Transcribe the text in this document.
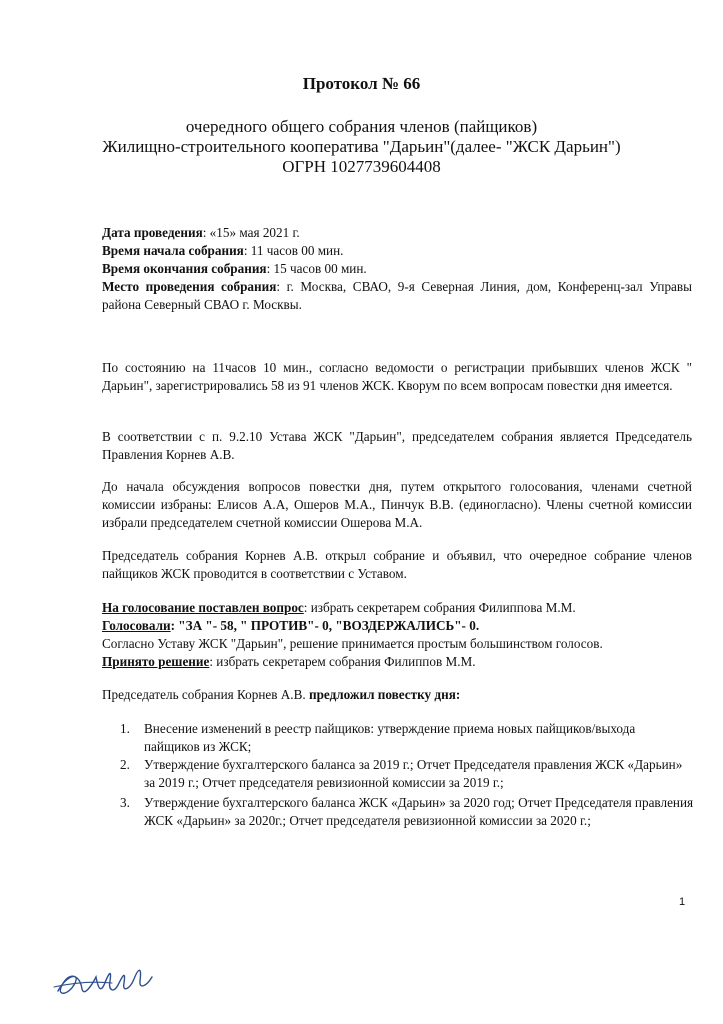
Протокол № 66
очередного общего собрания членов (пайщиков)
Жилищно-строительного кооператива "Дарьин"(далее- "ЖСК Дарьин")
ОГРН 1027739604408
Дата проведения: «15» мая 2021 г.
Время начала собрания: 11 часов 00 мин.
Время окончания собрания: 15 часов 00 мин.
Место проведения собрания: г. Москва, СВАО, 9-я Северная Линия, дом, Конференц-зал Управы района Северный СВАО г. Москвы.
По состоянию на 11часов 10 мин., согласно ведомости о регистрации прибывших членов ЖСК " Дарьин", зарегистрировались 58 из 91 членов ЖСК. Кворум по всем вопросам повестки дня имеется.
В соответствии с п. 9.2.10 Устава ЖСК "Дарьин", председателем собрания является Председатель Правления Корнев А.В.
До начала обсуждения вопросов повестки дня, путем открытого голосования, членами счетной комиссии избраны: Елисов А.А, Ошеров М.А., Пинчук В.В. (единогласно). Члены счетной комиссии избрали председателем счетной комиссии Ошерова М.А.
Председатель собрания Корнев А.В. открыл собрание и объявил, что очередное собрание членов пайщиков ЖСК проводится в соответствии с Уставом.
На голосование поставлен вопрос: избрать секретарем собрания Филиппова М.М.
Голосовали: "ЗА "- 58, " ПРОТИВ"- 0, "ВОЗДЕРЖАЛИСЬ"- 0.
Согласно Уставу ЖСК "Дарьин", решение принимается простым большинством голосов.
Принято решение: избрать секретарем собрания Филиппов М.М.
Председатель собрания Корнев А.В. предложил повестку дня:
1.	Внесение изменений в реестр пайщиков: утверждение приема новых пайщиков/выхода пайщиков из ЖСК;
2.	Утверждение бухгалтерского баланса за 2019 г.; Отчет Председателя правления ЖСК «Дарьин» за 2019 г.; Отчет председателя ревизионной комиссии за 2019 г.;
3.	Утверждение бухгалтерского баланса ЖСК «Дарьин» за 2020 год; Отчет Председателя правления ЖСК «Дарьин» за 2020г.; Отчет председателя ревизионной комиссии за 2020 г.;
1
